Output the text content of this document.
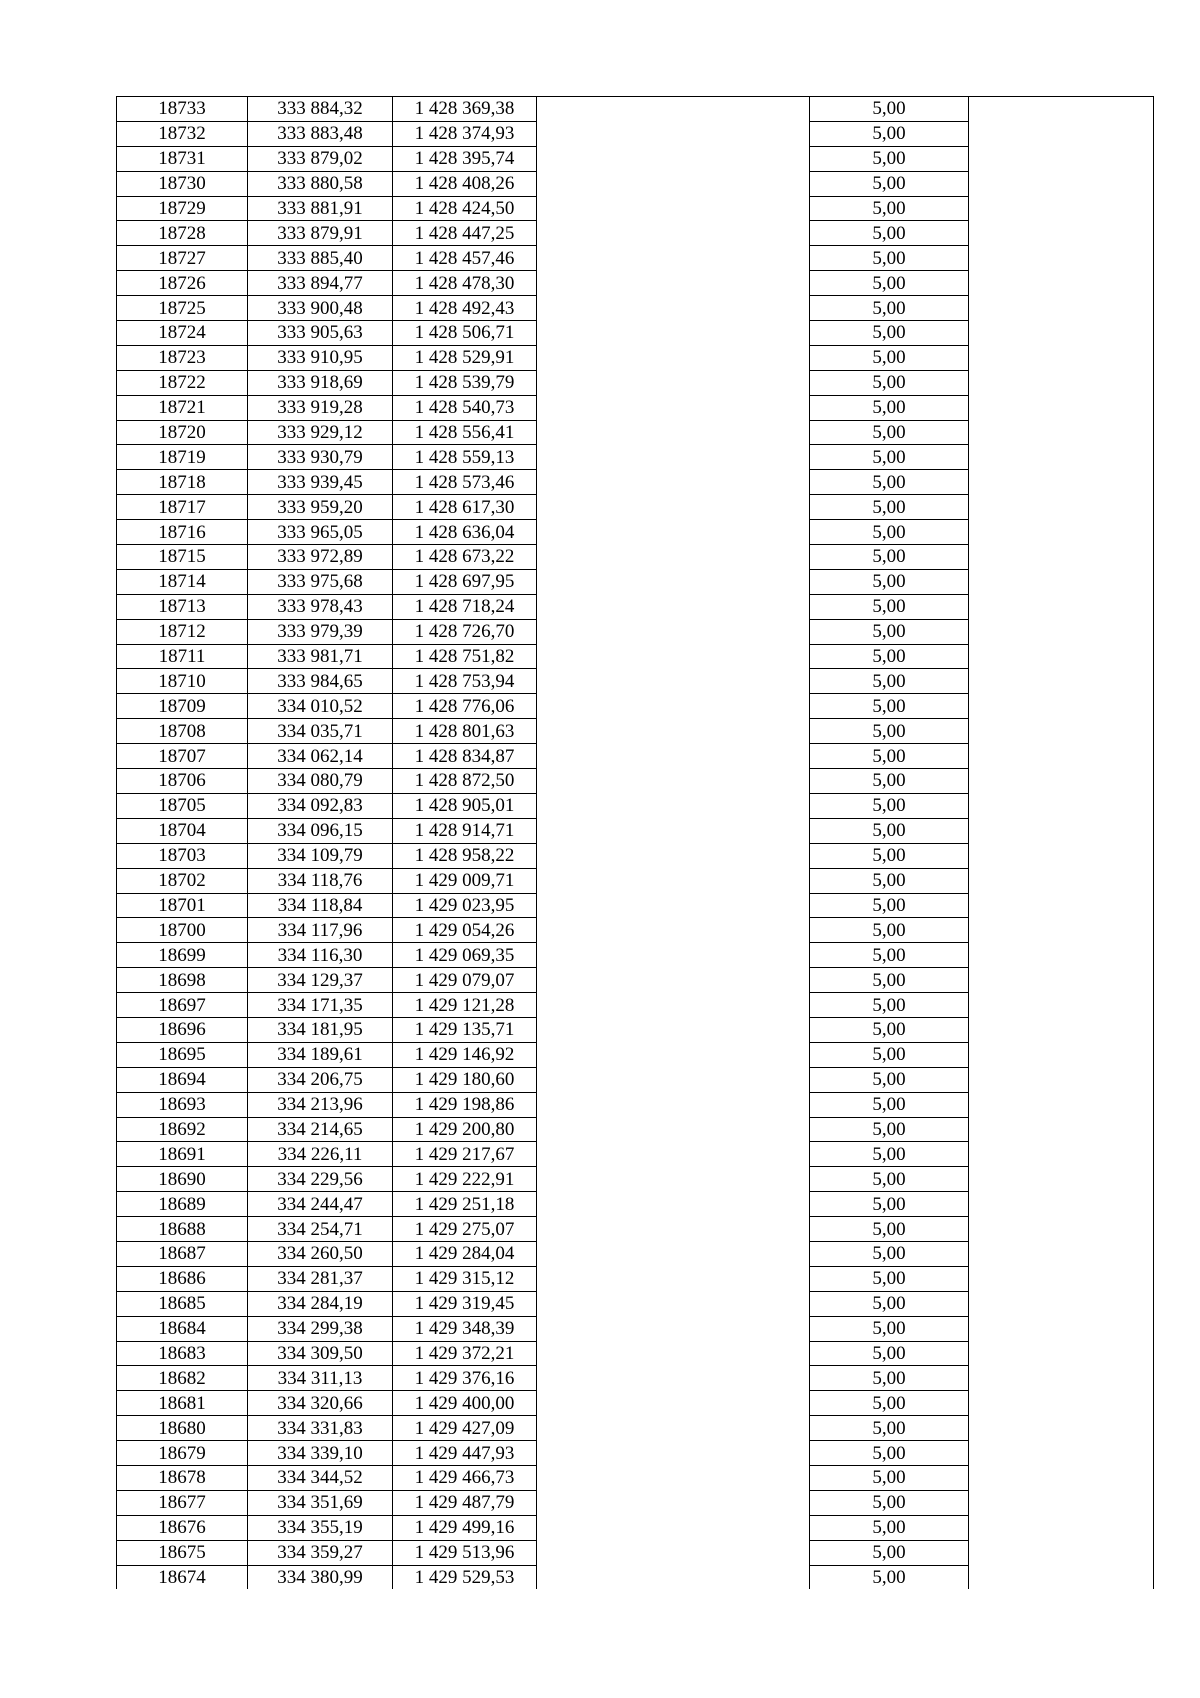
18733	333 884,32	1 428 369,38		5,00	
18732	333 883,48	1 428 374,93		5,00	
18731	333 879,02	1 428 395,74		5,00	
18730	333 880,58	1 428 408,26		5,00	
18729	333 881,91	1 428 424,50		5,00	
18728	333 879,91	1 428 447,25		5,00	
18727	333 885,40	1 428 457,46		5,00	
18726	333 894,77	1 428 478,30		5,00	
18725	333 900,48	1 428 492,43		5,00	
18724	333 905,63	1 428 506,71		5,00	
18723	333 910,95	1 428 529,91		5,00	
18722	333 918,69	1 428 539,79		5,00	
18721	333 919,28	1 428 540,73		5,00	
18720	333 929,12	1 428 556,41		5,00	
18719	333 930,79	1 428 559,13		5,00	
18718	333 939,45	1 428 573,46		5,00	
18717	333 959,20	1 428 617,30		5,00	
18716	333 965,05	1 428 636,04		5,00	
18715	333 972,89	1 428 673,22		5,00	
18714	333 975,68	1 428 697,95		5,00	
18713	333 978,43	1 428 718,24		5,00	
18712	333 979,39	1 428 726,70		5,00	
18711	333 981,71	1 428 751,82		5,00	
18710	333 984,65	1 428 753,94		5,00	
18709	334 010,52	1 428 776,06		5,00	
18708	334 035,71	1 428 801,63		5,00	
18707	334 062,14	1 428 834,87		5,00	
18706	334 080,79	1 428 872,50		5,00	
18705	334 092,83	1 428 905,01		5,00	
18704	334 096,15	1 428 914,71		5,00	
18703	334 109,79	1 428 958,22		5,00	
18702	334 118,76	1 429 009,71		5,00	
18701	334 118,84	1 429 023,95		5,00	
18700	334 117,96	1 429 054,26		5,00	
18699	334 116,30	1 429 069,35		5,00	
18698	334 129,37	1 429 079,07		5,00	
18697	334 171,35	1 429 121,28		5,00	
18696	334 181,95	1 429 135,71		5,00	
18695	334 189,61	1 429 146,92		5,00	
18694	334 206,75	1 429 180,60		5,00	
18693	334 213,96	1 429 198,86		5,00	
18692	334 214,65	1 429 200,80		5,00	
18691	334 226,11	1 429 217,67		5,00	
18690	334 229,56	1 429 222,91		5,00	
18689	334 244,47	1 429 251,18		5,00	
18688	334 254,71	1 429 275,07		5,00	
18687	334 260,50	1 429 284,04		5,00	
18686	334 281,37	1 429 315,12		5,00	
18685	334 284,19	1 429 319,45		5,00	
18684	334 299,38	1 429 348,39		5,00	
18683	334 309,50	1 429 372,21		5,00	
18682	334 311,13	1 429 376,16		5,00	
18681	334 320,66	1 429 400,00		5,00	
18680	334 331,83	1 429 427,09		5,00	
18679	334 339,10	1 429 447,93		5,00	
18678	334 344,52	1 429 466,73		5,00	
18677	334 351,69	1 429 487,79		5,00	
18676	334 355,19	1 429 499,16		5,00	
18675	334 359,27	1 429 513,96		5,00	
18674	334 380,99	1 429 529,53		5,00	
